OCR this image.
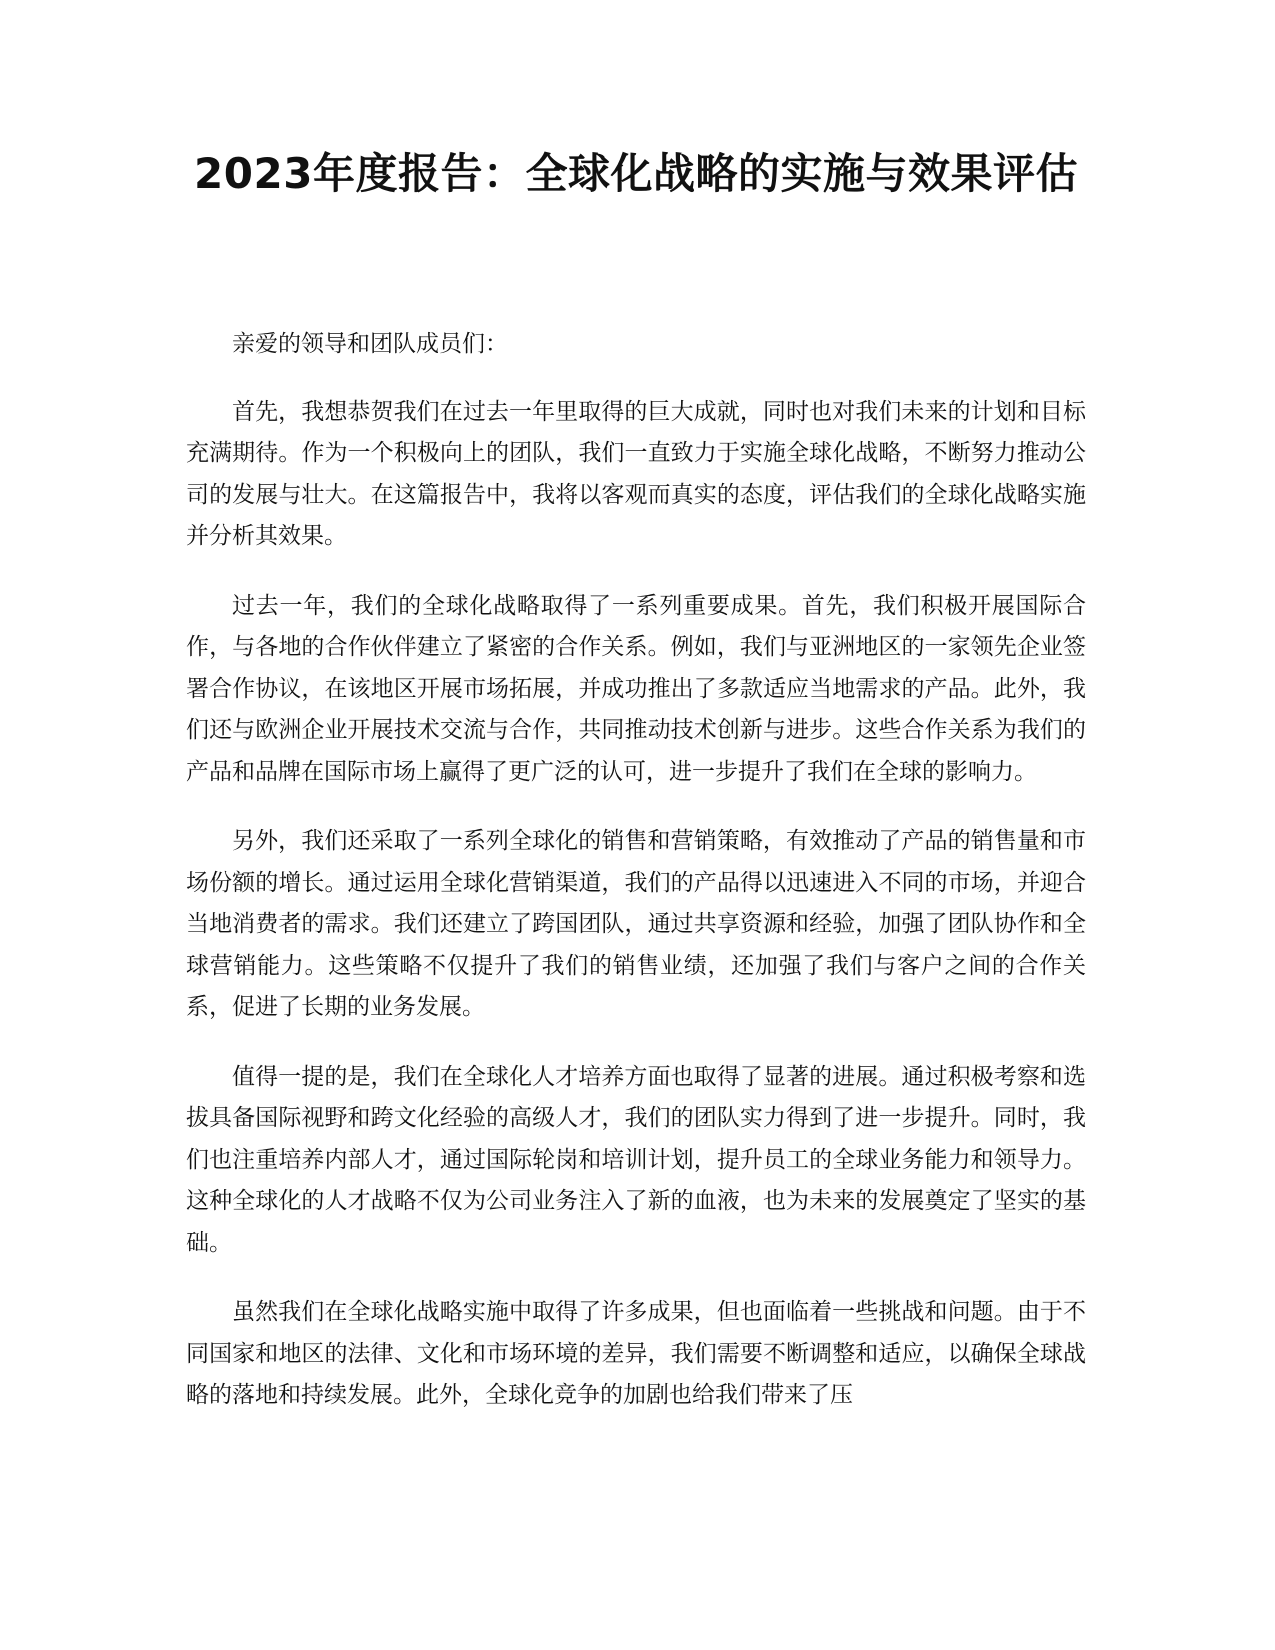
2023年度报告：全球化战略的实施与效果评估

亲爱的领导和团队成员们：

首先，我想恭贺我们在过去一年里取得的巨大成就，同时也对我们未来的计划和目标充满期待。作为一个积极向上的团队，我们一直致力于实施全球化战略，不断努力推动公司的发展与壮大。在这篇报告中，我将以客观而真实的态度，评估我们的全球化战略实施并分析其效果。

过去一年，我们的全球化战略取得了一系列重要成果。首先，我们积极开展国际合作，与各地的合作伙伴建立了紧密的合作关系。例如，我们与亚洲地区的一家领先企业签署合作协议，在该地区开展市场拓展，并成功推出了多款适应当地需求的产品。此外，我们还与欧洲企业开展技术交流与合作，共同推动技术创新与进步。这些合作关系为我们的产品和品牌在国际市场上赢得了更广泛的认可，进一步提升了我们在全球的影响力。

另外，我们还采取了一系列全球化的销售和营销策略，有效推动了产品的销售量和市场份额的增长。通过运用全球化营销渠道，我们的产品得以迅速进入不同的市场，并迎合当地消费者的需求。我们还建立了跨国团队，通过共享资源和经验，加强了团队协作和全球营销能力。这些策略不仅提升了我们的销售业绩，还加强了我们与客户之间的合作关系，促进了长期的业务发展。

值得一提的是，我们在全球化人才培养方面也取得了显著的进展。通过积极考察和选拔具备国际视野和跨文化经验的高级人才，我们的团队实力得到了进一步提升。同时，我们也注重培养内部人才，通过国际轮岗和培训计划，提升员工的全球业务能力和领导力。这种全球化的人才战略不仅为公司业务注入了新的血液，也为未来的发展奠定了坚实的基础。

虽然我们在全球化战略实施中取得了许多成果，但也面临着一些挑战和问题。由于不同国家和地区的法律、文化和市场环境的差异，我们需要不断调整和适应，以确保全球战略的落地和持续发展。此外，全球化竞争的加剧也给我们带来了压
